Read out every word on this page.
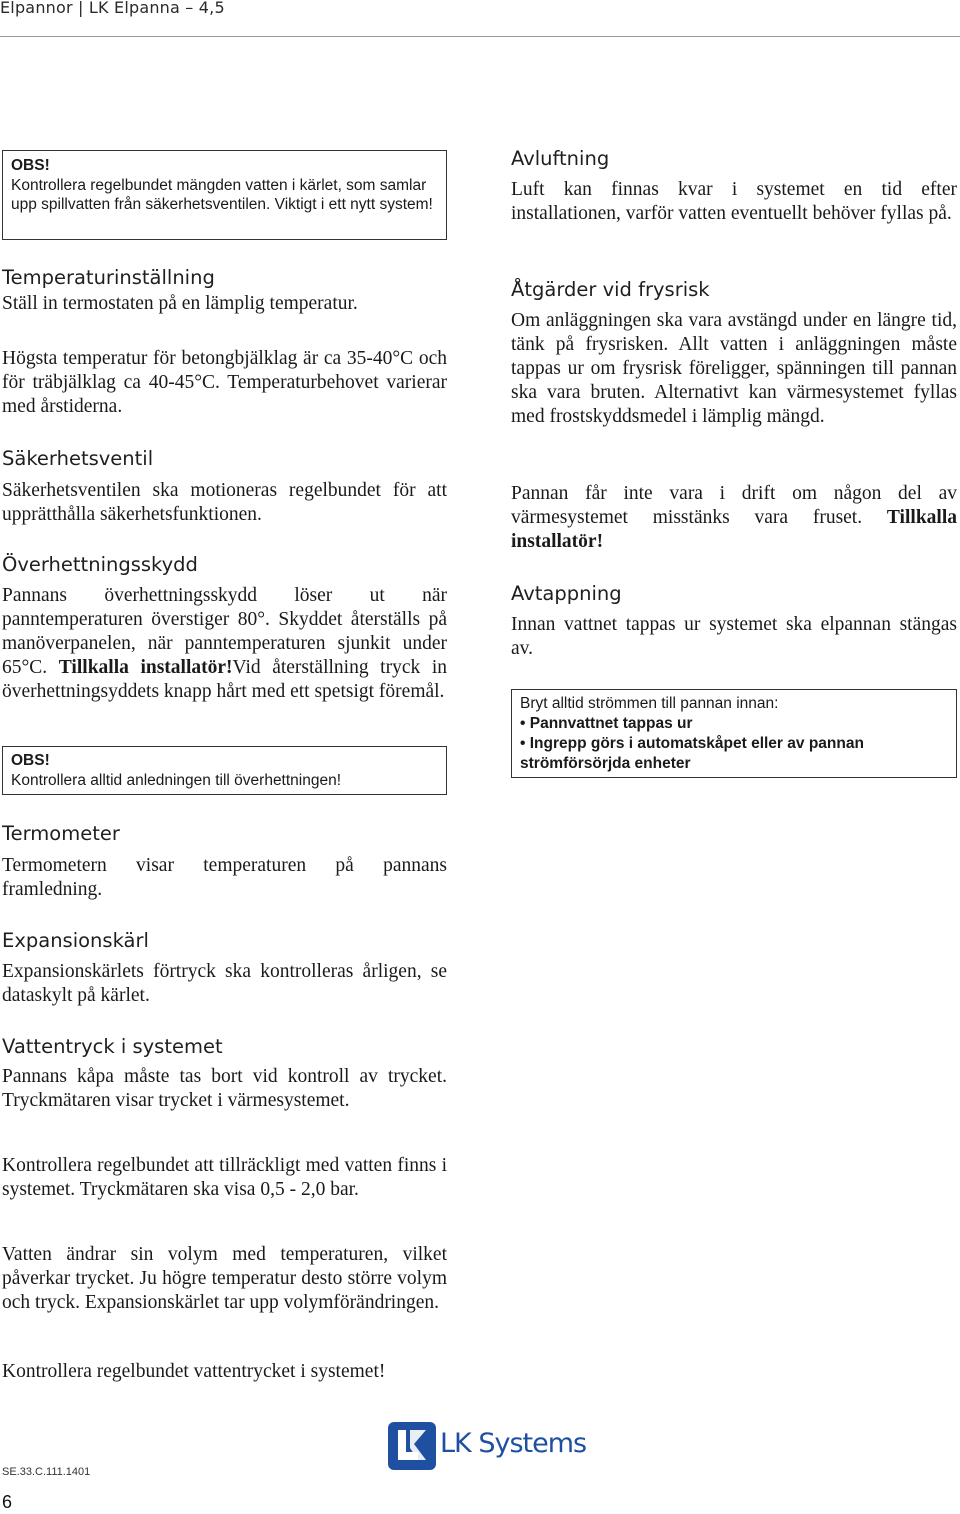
Elpannor | LK Elpanna – 4,5
OBS!
Kontrollera regelbundet mängden vatten i kärlet, som samlar upp spillvatten från säkerhetsventilen. Viktigt i ett nytt system!
Temperaturinställning
Ställ in termostaten på en lämplig temperatur.
Högsta temperatur för betongbjälklag är ca 35-40°C och för träbjälklag ca 40-45°C. Temperaturbehovet varierar med årstiderna.
Säkerhetsventil
Säkerhetsventilen ska motioneras regelbundet för att upprätthålla säkerhetsfunktionen.
Överhettningsskydd
Pannans överhettningsskydd löser ut när panntemperaturen överstiger 80°. Skyddet återställs på manöverpanelen, när panntemperaturen sjunkit under 65°C. Tillkalla installatör!Vid återställning tryck in överhettningsyddets knapp hårt med ett spetsigt föremål.
OBS!
Kontrollera alltid anledningen till överhettningen!
Termometer
Termometern visar temperaturen på pannans framledning.
Expansionskärl
Expansionskärlets förtryck ska kontrolleras årligen, se dataskylt på kärlet.
Vattentryck i systemet
Pannans kåpa måste tas bort vid kontroll av trycket. Tryckmätaren visar trycket i värmesystemet.
Kontrollera regelbundet att tillräckligt med vatten finns i systemet. Tryckmätaren ska visa 0,5 - 2,0 bar.
Vatten ändrar sin volym med temperaturen, vilket påverkar trycket. Ju högre temperatur desto större volym och tryck. Expansionskärlet tar upp volymförändringen.
Kontrollera regelbundet vattentrycket i systemet!
Avluftning
Luft kan finnas kvar i systemet en tid efter installationen, varför vatten eventuellt behöver fyllas på.
Åtgärder vid frysrisk
Om anläggningen ska vara avstängd under en längre tid, tänk på frysrisken. Allt vatten i anläggningen måste tappas ur om frysrisk föreligger, spänningen till pannan ska vara bruten. Alternativt kan värmesystemet fyllas med frostskyddsmedel i lämplig mängd.
Pannan får inte vara i drift om någon del av värmesystemet misstänks vara fruset. Tillkalla installatör!
Avtappning
Innan vattnet tappas ur systemet ska elpannan stängas av.
Bryt alltid strömmen till pannan innan:
• Pannvattnet tappas ur
• Ingrepp görs i automatskåpet eller av pannan strömförsörjda enheter
LK Systems
SE.33.C.111.1401
6
